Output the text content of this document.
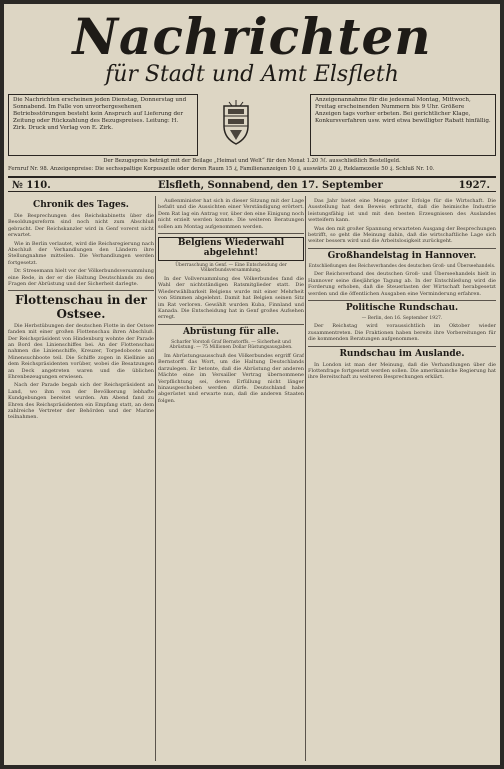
Nachrichten
für Stadt und Amt Elsfleth
Die Nachrichten erscheinen jeden Dienstag, Donnerstag und Sonnabend. Im Falle von unvorhergesehenen Betriebsstörungen besteht kein Anspruch auf Lieferung der Zeitung oder Rückzahlung des Bezugspreises. Leitung: H. Zirk. Druck und Verlag von E. Zirk.
Anzeigenannahme für die jedesmal Montag, Mittwoch, Freitag erscheinenden Nummern bis 9 Uhr. Größere Anzeigen tags vorher erbeten. Bei gerichtlicher Klage, Konkursverfahren usw. wird etwa bewilligter Rabatt hinfällig.
Der Bezugspreis beträgt mit der Beilage „Heimat und Welt“ für den Monat 1.20 ℳ. ausschließlich Bestellgeld.
Fernruf Nr. 98. Anzeigenpreise: Die sechsspaltige Korpuszeile oder deren Raum 15 ₰, Familienanzeigen 10 ₰, auswärts 20 ₰, Reklamezeile 50 ₰. Schluß Nr. 10.
№ 110.	Elsfleth, Sonnabend, den 17. September	1927.
Chronik des Tages.

Die Besprechungen des Reichskabinetts über die Besoldungsreform sind noch nicht zum Abschluß gebracht. Der Reichskanzler wird in Genf vorerst nicht erwartet.

Wie in Berlin verlautet, wird die Reichsregierung nach Abschluß der Verhandlungen den Ländern ihre Stellungnahme mitteilen. Die Verhandlungen werden fortgesetzt.

Dr. Stresemann hielt vor der Völkerbundsversammlung eine Rede, in der er die Haltung Deutschlands zu den Fragen der Abrüstung und der Sicherheit darlegte.

Flottenschau in der Ostsee.

Die Herbstübungen der deutschen Flotte in der Ostsee fanden mit einer großen Flottenschau ihren Abschluß. Der Reichspräsident von Hindenburg wohnte der Parade an Bord des Linienschiffes bei. An der Flottenschau nahmen die Linienschiffe, Kreuzer, Torpedoboote und Minensuchboote teil. Die Schiffe zogen in Kiellinie an dem Reichspräsidenten vorüber, wobei die Besatzungen an Deck angetreten waren und die üblichen Ehrenbezeugungen erwiesen.

Nach der Parade begab sich der Reichspräsident an Land, wo ihm von der Bevölkerung lebhafte Kundgebungen bereitet wurden. Am Abend fand zu Ehren des Reichspräsidenten ein Empfang statt, an dem zahlreiche Vertreter der Behörden und der Marine teilnahmen.

Außenminister hat sich in dieser Sitzung mit der Lage befaßt und die Aussichten einer Verständigung erörtert. Dem Rat lag ein Antrag vor, über den eine Einigung noch nicht erzielt werden konnte. Die weiteren Beratungen sollen am Montag aufgenommen werden.

Belgiens Wiederwahl abgelehnt!
Überraschung in Genf. — Eine Entscheidung der Völkerbundsversammlung.

In der Vollversammlung des Völkerbundes fand die Wahl der nichtständigen Ratsmitglieder statt. Die Wiederwählbarkeit Belgiens wurde mit einer Mehrheit von Stimmen abgelehnt. Damit hat Belgien seinen Sitz im Rat verloren. Gewählt wurden Kuba, Finnland und Kanada. Die Entscheidung hat in Genf großes Aufsehen erregt.

Abrüstung für alle.
Scharfer Vorstoß Graf Bernstorffs. — Sicherheit und Abrüstung. — 75 Millionen Dollar Rüstungsausgaben.

Im Abrüstungsausschuß des Völkerbundes ergriff Graf Bernstorff das Wort, um die Haltung Deutschlands darzulegen. Er betonte, daß die Abrüstung der anderen Mächte eine im Versailler Vertrag übernommene Verpflichtung sei, deren Erfüllung nicht länger hinausgeschoben werden dürfe. Deutschland habe abgerüstet und erwarte nun, daß die anderen Staaten folgen.

Das Jahr bietet eine Menge guter Erfolge für die Wirtschaft. Die Ausstellung hat den Beweis erbracht, daß die heimische Industrie leistungsfähig ist und mit den besten Erzeugnissen des Auslandes wetteifern kann.

Was den mit großer Spannung erwarteten Ausgang der Besprechungen betrifft, so geht die Meinung dahin, daß die wirtschaftliche Lage sich weiter bessern wird und die Arbeitslosigkeit zurückgeht.

Großhandelstag in Hannover.
Entschließungen des Reichsverbandes des deutschen Groß- und Überseehandels.

Der Reichsverband des deutschen Groß- und Überseehandels hielt in Hannover seine diesjährige Tagung ab. In der Entschließung wird die Forderung erhoben, daß die Steuerlasten der Wirtschaft herabgesetzt werden und die öffentlichen Ausgaben eine Verminderung erfahren.

Politische Rundschau.
— Berlin, den 16. September 1927.

Der Reichstag wird voraussichtlich im Oktober wieder zusammentreten. Die Fraktionen haben bereits ihre Vorbereitungen für die kommenden Beratungen aufgenommen.

Rundschau im Auslande.

In London ist man der Meinung, daß die Verhandlungen über die Flottenfrage fortgesetzt werden sollen. Die amerikanische Regierung hat ihre Bereitschaft zu weiteren Besprechungen erklärt.
